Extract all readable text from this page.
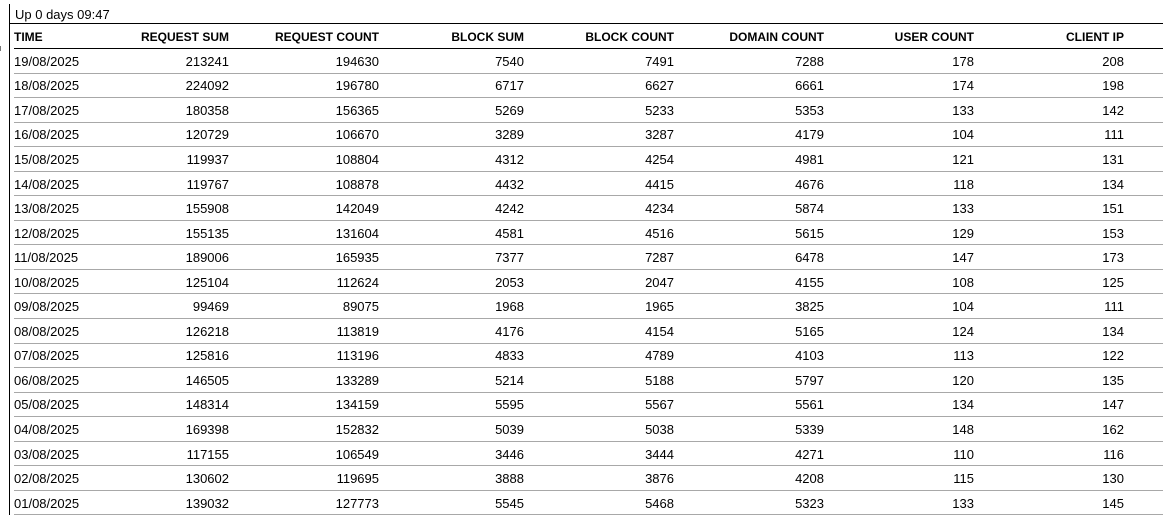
Up 0 days 09:47
TIME	REQUEST SUM	REQUEST COUNT	BLOCK SUM	BLOCK COUNT	DOMAIN COUNT	USER COUNT	CLIENT IP
19/08/2025	213241	194630	7540	7491	7288	178	208
18/08/2025	224092	196780	6717	6627	6661	174	198
17/08/2025	180358	156365	5269	5233	5353	133	142
16/08/2025	120729	106670	3289	3287	4179	104	111
15/08/2025	119937	108804	4312	4254	4981	121	131
14/08/2025	119767	108878	4432	4415	4676	118	134
13/08/2025	155908	142049	4242	4234	5874	133	151
12/08/2025	155135	131604	4581	4516	5615	129	153
11/08/2025	189006	165935	7377	7287	6478	147	173
10/08/2025	125104	112624	2053	2047	4155	108	125
09/08/2025	99469	89075	1968	1965	3825	104	111
08/08/2025	126218	113819	4176	4154	5165	124	134
07/08/2025	125816	113196	4833	4789	4103	113	122
06/08/2025	146505	133289	5214	5188	5797	120	135
05/08/2025	148314	134159	5595	5567	5561	134	147
04/08/2025	169398	152832	5039	5038	5339	148	162
03/08/2025	117155	106549	3446	3444	4271	110	116
02/08/2025	130602	119695	3888	3876	4208	115	130
01/08/2025	139032	127773	5545	5468	5323	133	145
